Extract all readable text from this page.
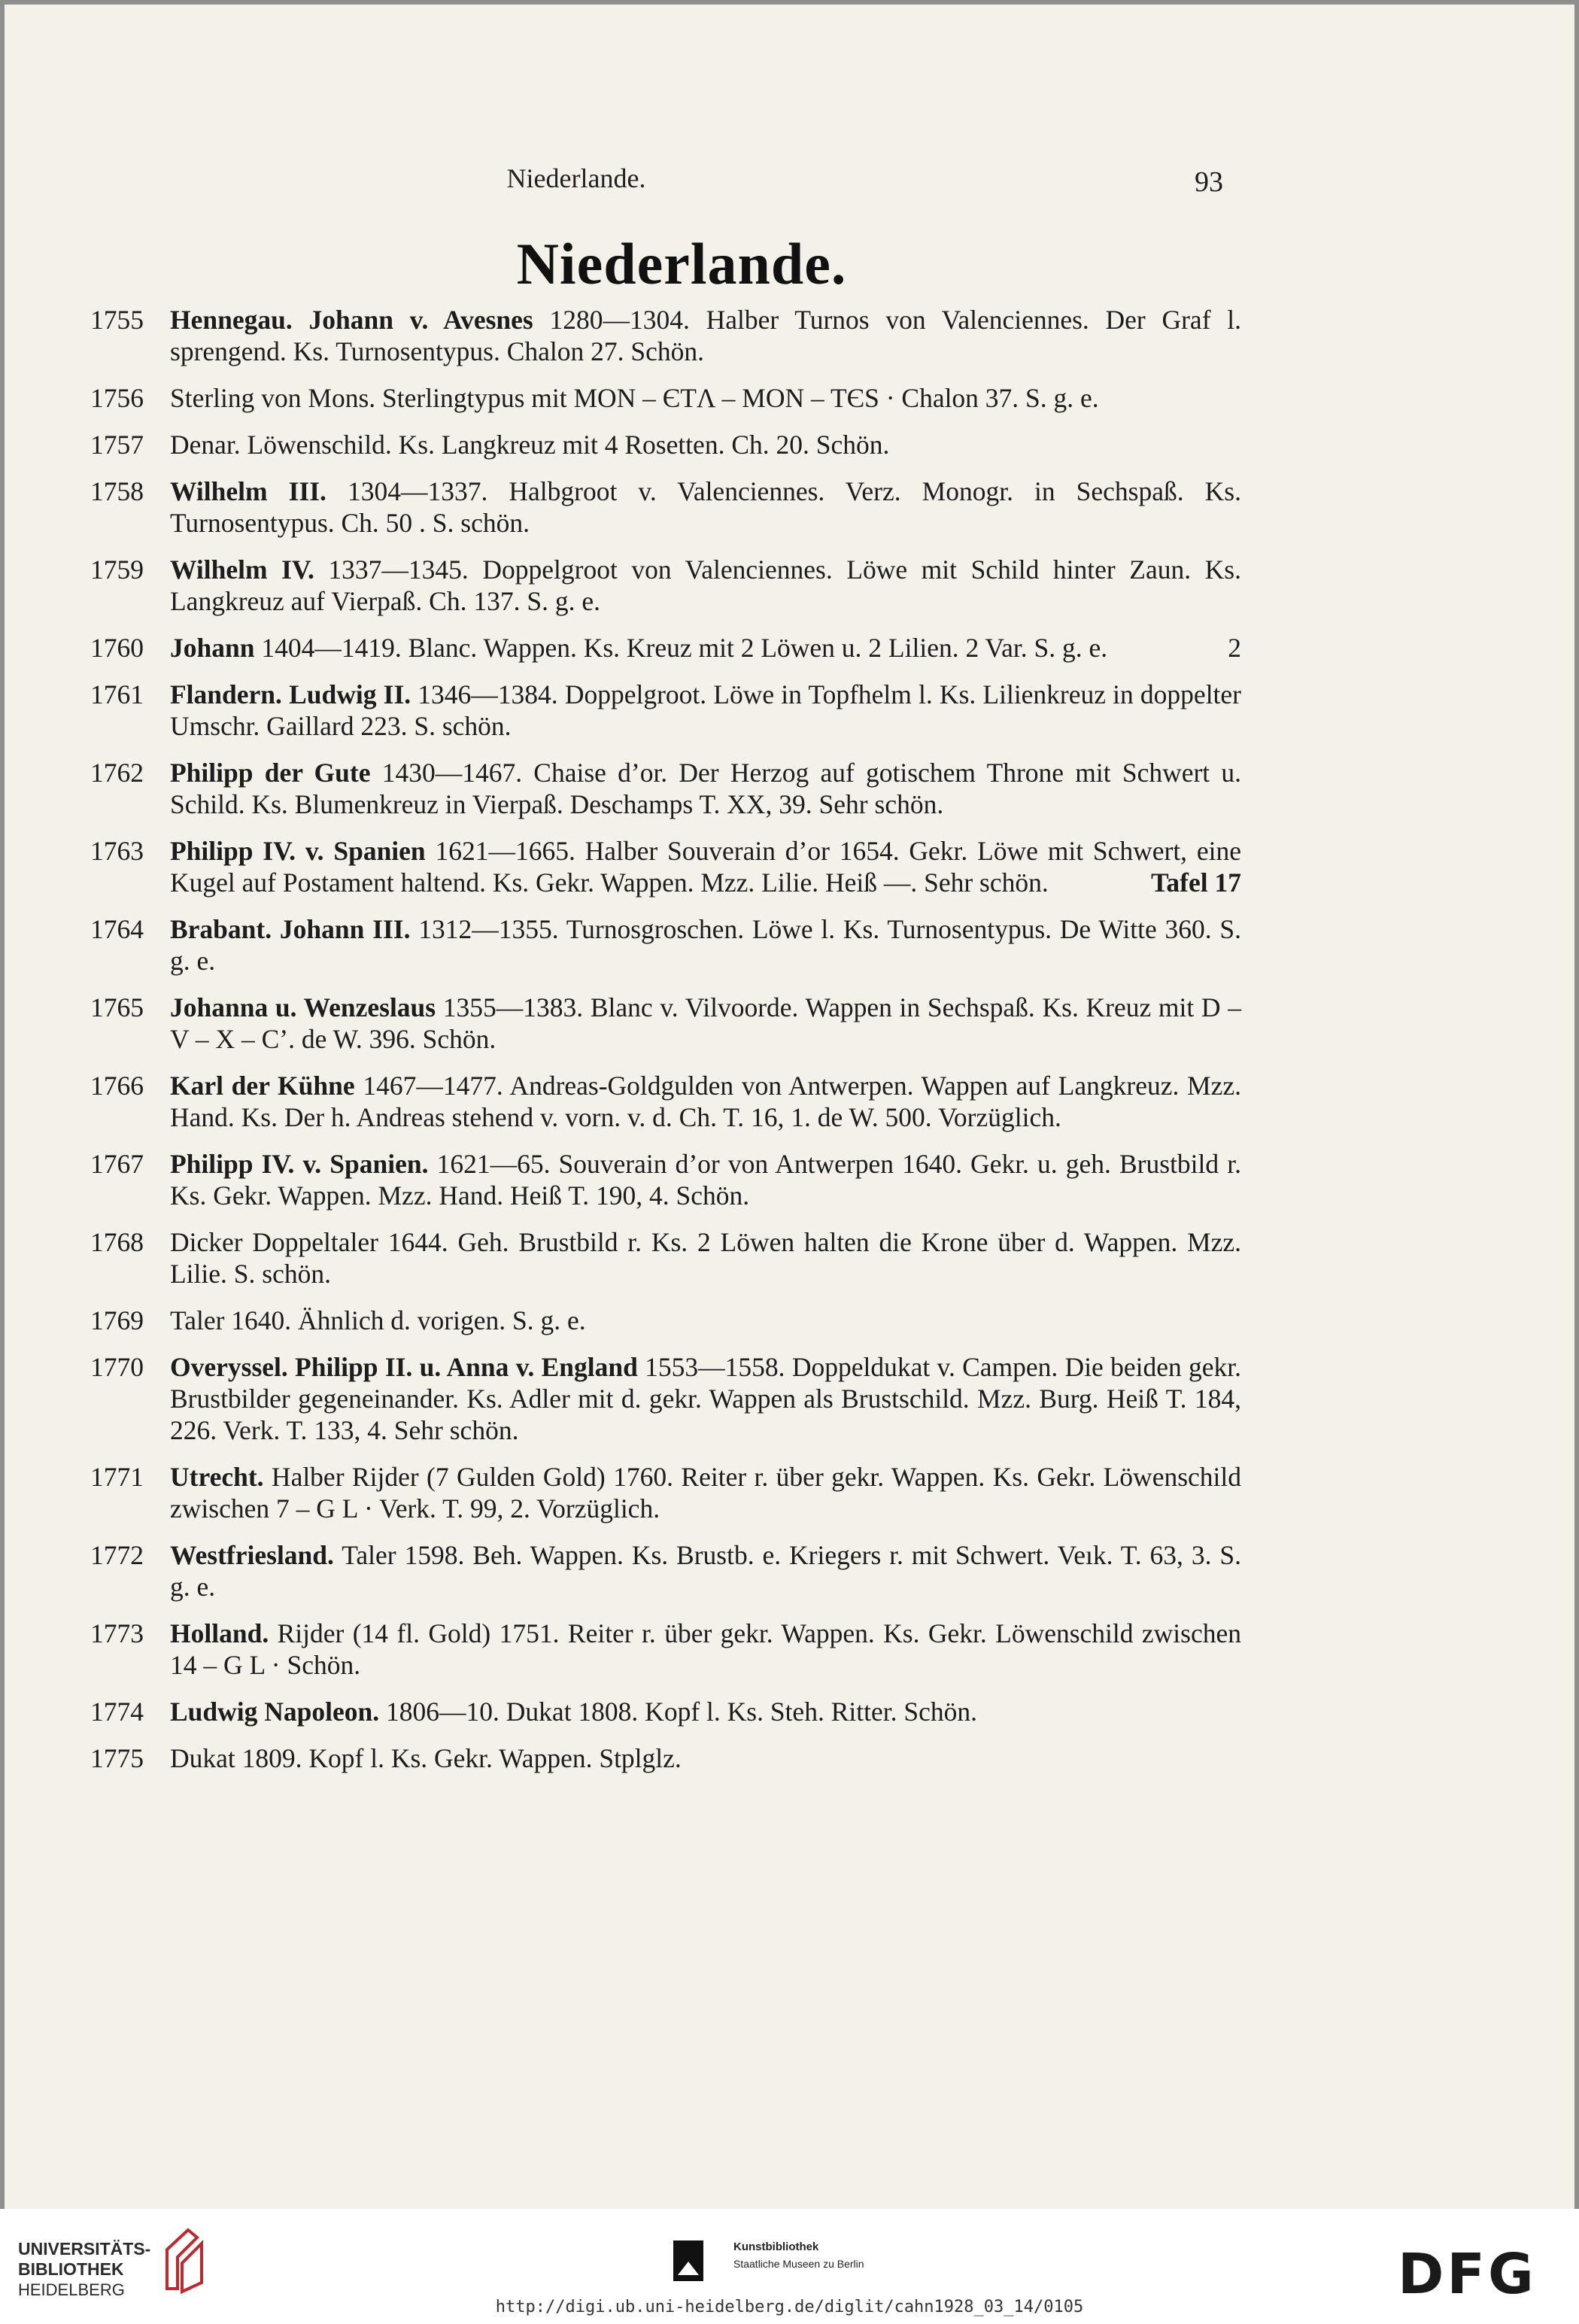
Niederlande.	93
Niederlande.
1755 Hennegau. Johann v. Avesnes 1280—1304. Halber Turnos von Valenciennes. Der Graf l. sprengend. Ks. Turnosentypus. Chalon 27. Schön.
1756 Sterling von Mons. Sterlingtypus mit MON – ЄTΛ – MON – TЄS · Chalon 37. S. g. e.
1757 Denar. Löwenschild. Ks. Langkreuz mit 4 Rosetten. Ch. 20. Schön.
1758 Wilhelm III. 1304—1337. Halbgroot v. Valenciennes. Verz. Monogr. in Sechspaß. Ks. Turnosentypus. Ch. 50 . S. schön.
1759 Wilhelm IV. 1337—1345. Doppelgroot von Valenciennes. Löwe mit Schild hinter Zaun. Ks. Langkreuz auf Vierpaß. Ch. 137. S. g. e.
1760 Johann 1404—1419. Blanc. Wappen. Ks. Kreuz mit 2 Löwen u. 2 Lilien. 2 Var. S. g. e.	2
1761 Flandern. Ludwig II. 1346—1384. Doppelgroot. Löwe in Topfhelm l. Ks. Lilienkreuz in doppelter Umschr. Gaillard 223. S. schön.
1762 Philipp der Gute 1430—1467. Chaise d’or. Der Herzog auf gotischem Throne mit Schwert u. Schild. Ks. Blumenkreuz in Vierpaß. Deschamps T. XX, 39. Sehr schön.
1763 Philipp IV. v. Spanien 1621—1665. Halber Souverain d’or 1654. Gekr. Löwe mit Schwert, eine Kugel auf Postament haltend. Ks. Gekr. Wappen. Mzz. Lilie. Heiß —. Sehr schön.	Tafel 17
1764 Brabant. Johann III. 1312—1355. Turnosgroschen. Löwe l. Ks. Turnosentypus. De Witte 360. S. g. e.
1765 Johanna u. Wenzeslaus 1355—1383. Blanc v. Vilvoorde. Wappen in Sechspaß. Ks. Kreuz mit D – V – X – C’. de W. 396. Schön.
1766 Karl der Kühne 1467—1477. Andreas-Goldgulden von Antwerpen. Wappen auf Langkreuz. Mzz. Hand. Ks. Der h. Andreas stehend v. vorn. v. d. Ch. T. 16, 1. de W. 500. Vorzüglich.
1767 Philipp IV. v. Spanien. 1621—65. Souverain d’or von Antwerpen 1640. Gekr. u. geh. Brustbild r. Ks. Gekr. Wappen. Mzz. Hand. Heiß T. 190, 4. Schön.
1768 Dicker Doppeltaler 1644. Geh. Brustbild r. Ks. 2 Löwen halten die Krone über d. Wappen. Mzz. Lilie. S. schön.
1769 Taler 1640. Ähnlich d. vorigen. S. g. e.
1770 Overyssel. Philipp II. u. Anna v. England 1553—1558. Doppeldukat v. Campen. Die beiden gekr. Brustbilder gegeneinander. Ks. Adler mit d. gekr. Wappen als Brustschild. Mzz. Burg. Heiß T. 184, 226. Verk. T. 133, 4. Sehr schön.
1771 Utrecht. Halber Rijder (7 Gulden Gold) 1760. Reiter r. über gekr. Wappen. Ks. Gekr. Löwenschild zwischen 7 – G L · Verk. T. 99, 2. Vorzüglich.
1772 Westfriesland. Taler 1598. Beh. Wappen. Ks. Brustb. e. Kriegers r. mit Schwert. Veık. T. 63, 3. S. g. e.
1773 Holland. Rijder (14 fl. Gold) 1751. Reiter r. über gekr. Wappen. Ks. Gekr. Löwenschild zwischen 14 – G L · Schön.
1774 Ludwig Napoleon. 1806—10. Dukat 1808. Kopf l. Ks. Steh. Ritter. Schön.
1775 Dukat 1809. Kopf l. Ks. Gekr. Wappen. Stplglz.
UNIVERSITÄTS-
BIBLIOTHEK
HEIDELBERG
Kunstbibliothek
Staatliche Museen zu Berlin	DFG
http://digi.ub.uni-heidelberg.de/diglit/cahn1928_03_14/0105
